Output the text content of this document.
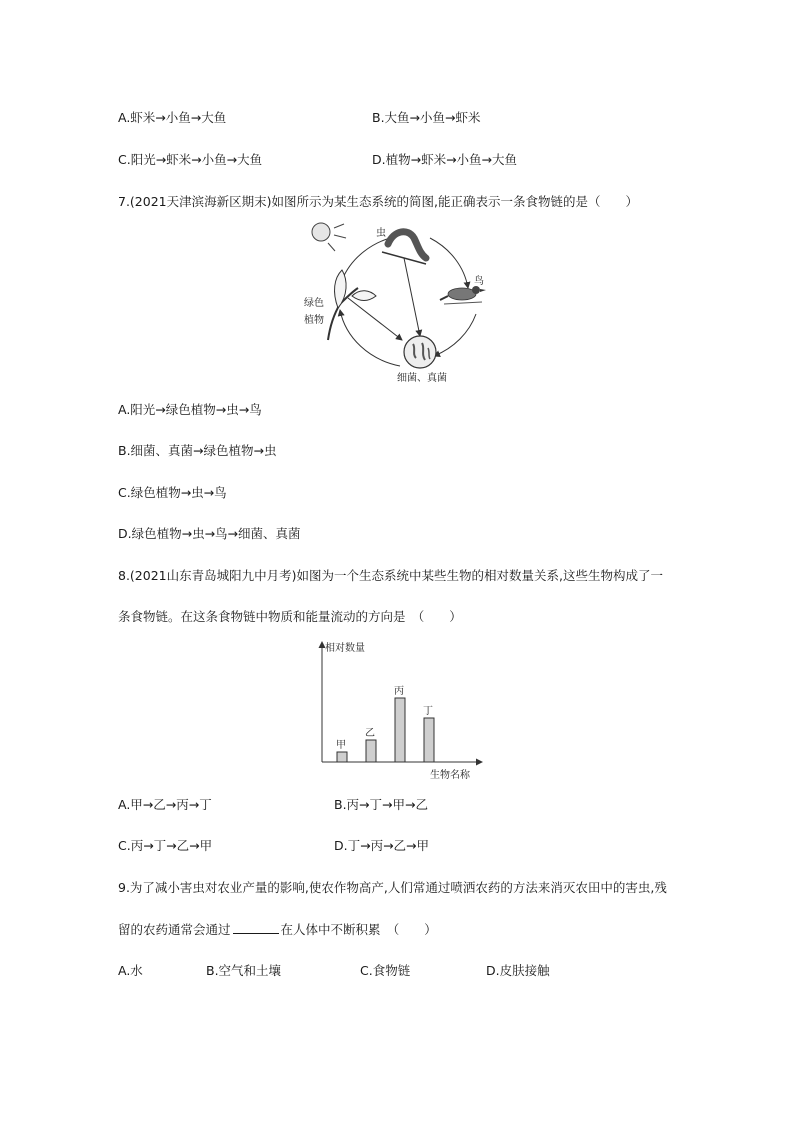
A.虾米→小鱼→大鱼	B.大鱼→小鱼→虾米
C.阳光→虾米→小鱼→大鱼	D.植物→虾米→小鱼→大鱼
7.(2021天津滨海新区期末)如图所示为某生态系统的简图,能正确表示一条食物链的是（　　）
虫
鸟
绿色
植物
细菌、真菌
A.阳光→绿色植物→虫→鸟
B.细菌、真菌→绿色植物→虫
C.绿色植物→虫→鸟
D.绿色植物→虫→鸟→细菌、真菌
8.(2021山东青岛城阳九中月考)如图为一个生态系统中某些生物的相对数量关系,这些生物构成了一
条食物链。在这条食物链中物质和能量流动的方向是　（　　）
相对数量
生物名称
甲
乙
丙
丁
A.甲→乙→丙→丁	B.丙→丁→甲→乙
C.丙→丁→乙→甲	D.丁→丙→乙→甲
9.为了减小害虫对农业产量的影响,使农作物高产,人们常通过喷洒农药的方法来消灭农田中的害虫,残
留的农药通常会通过	在人体中不断积累　（　　）
A.水	B.空气和土壤	C.食物链	D.皮肤接触
